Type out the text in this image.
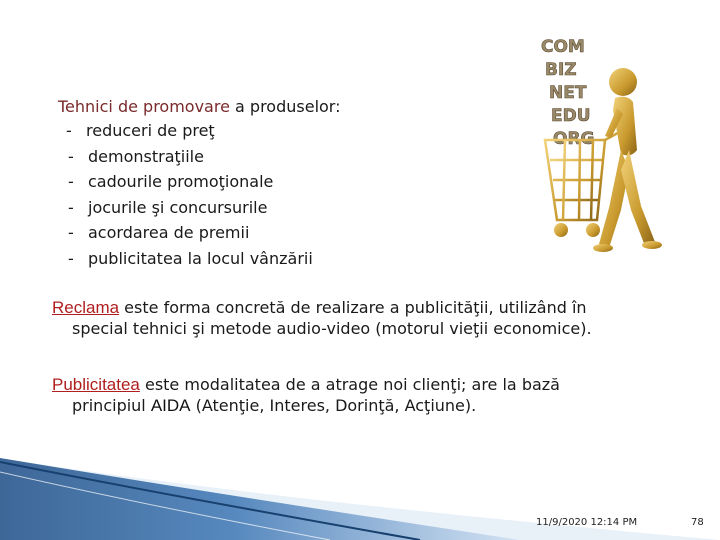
Tehnici de promovare a produselor:

- reduceri de preţ
- demonstraţiile
- cadourile promoţionale
- jocurile şi concursurile
- acordarea de premii
- publicitatea la locul vânzării

Reclama este forma concretă de realizare a publicităţii, utilizând în
special tehnici şi metode audio-video (motorul vieţii economice).

Publicitatea este modalitatea de a atrage noi clienţi; are la bază
principiul AIDA (Atenţie, Interes, Dorinţă, Acţiune).

COM
BIZ
NET
EDU
ORG
11/9/2020 12:14 PM	78
